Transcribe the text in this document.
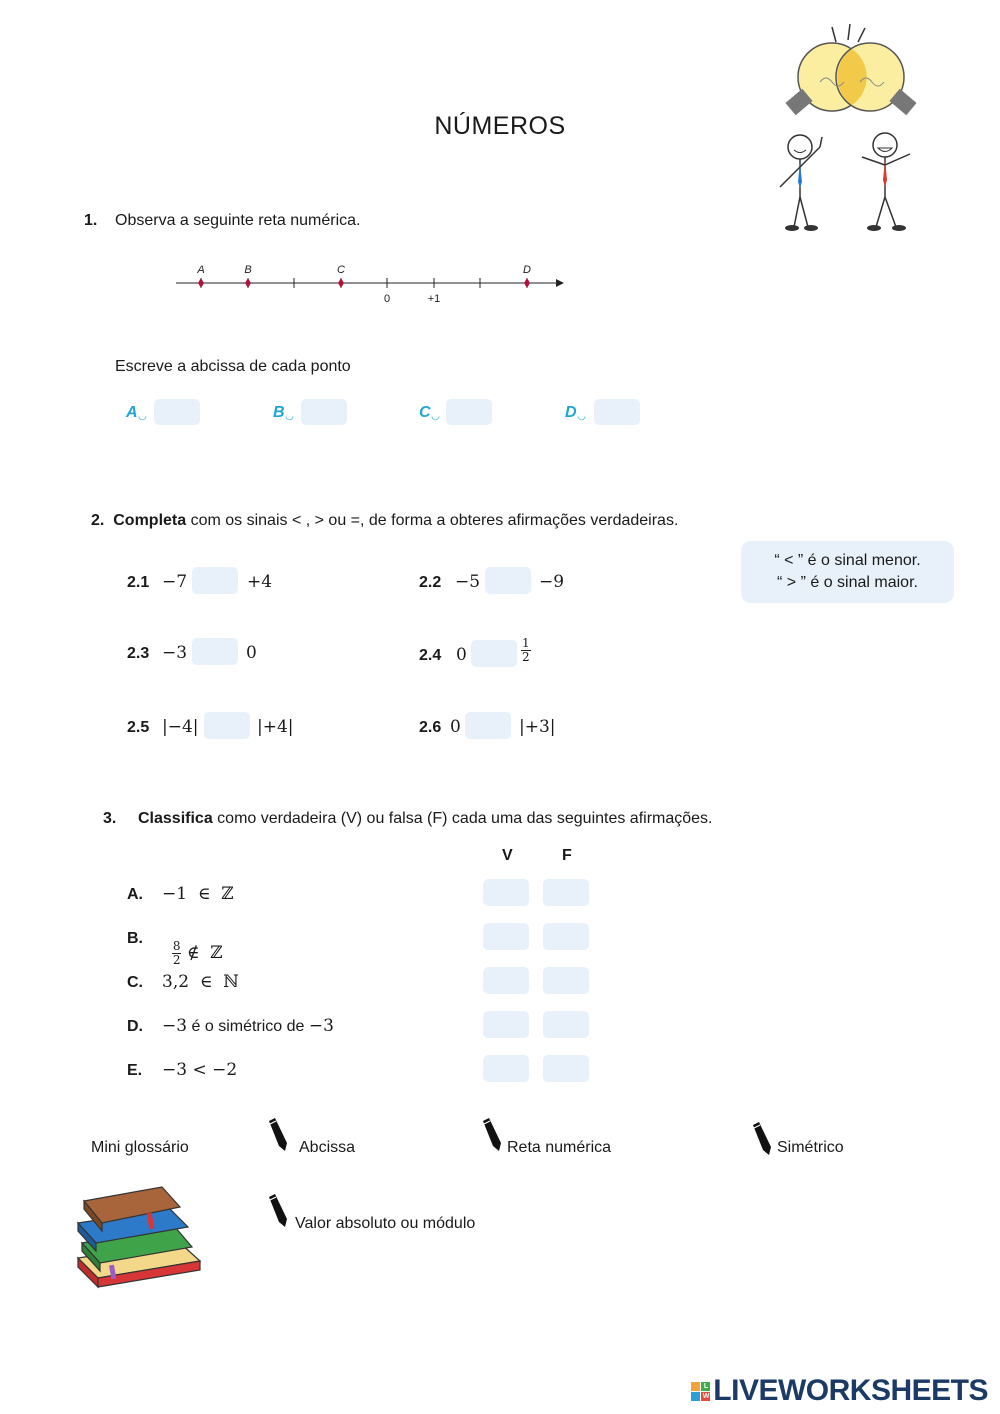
NÚMEROS
1. Observa a seguinte reta numérica.
A	B	C	D
0	+1
Escreve a abcissa de cada ponto
A◡	B◡	C◡	D◡
2. Completa com os sinais < , > ou =, de forma a obteres afirmações verdadeiras.
“ < ” é o sinal menor.
“ > ” é o sinal maior.
2.1 −7	+4	2.2 −5	−9
2.3 −3	0	2.4 0	$\frac{1}{2}$
2.5 |−4|	|+4|	2.6 0	|+3|
3. Classifica como verdadeira (V) ou falsa (F) cada uma das seguintes afirmações.
V	F
A. −1  ∈  ℤ
B.

$\frac{8}{2}$ ∉  ℤ

C. 3,2  ∈  ℕ
D. −3 é o simétrico de −3
E. −3 < −2
Mini glossário	Abcissa	Reta numérica	Simétrico
Valor absoluto ou módulo
L
W LIVEWORKSHEETS
